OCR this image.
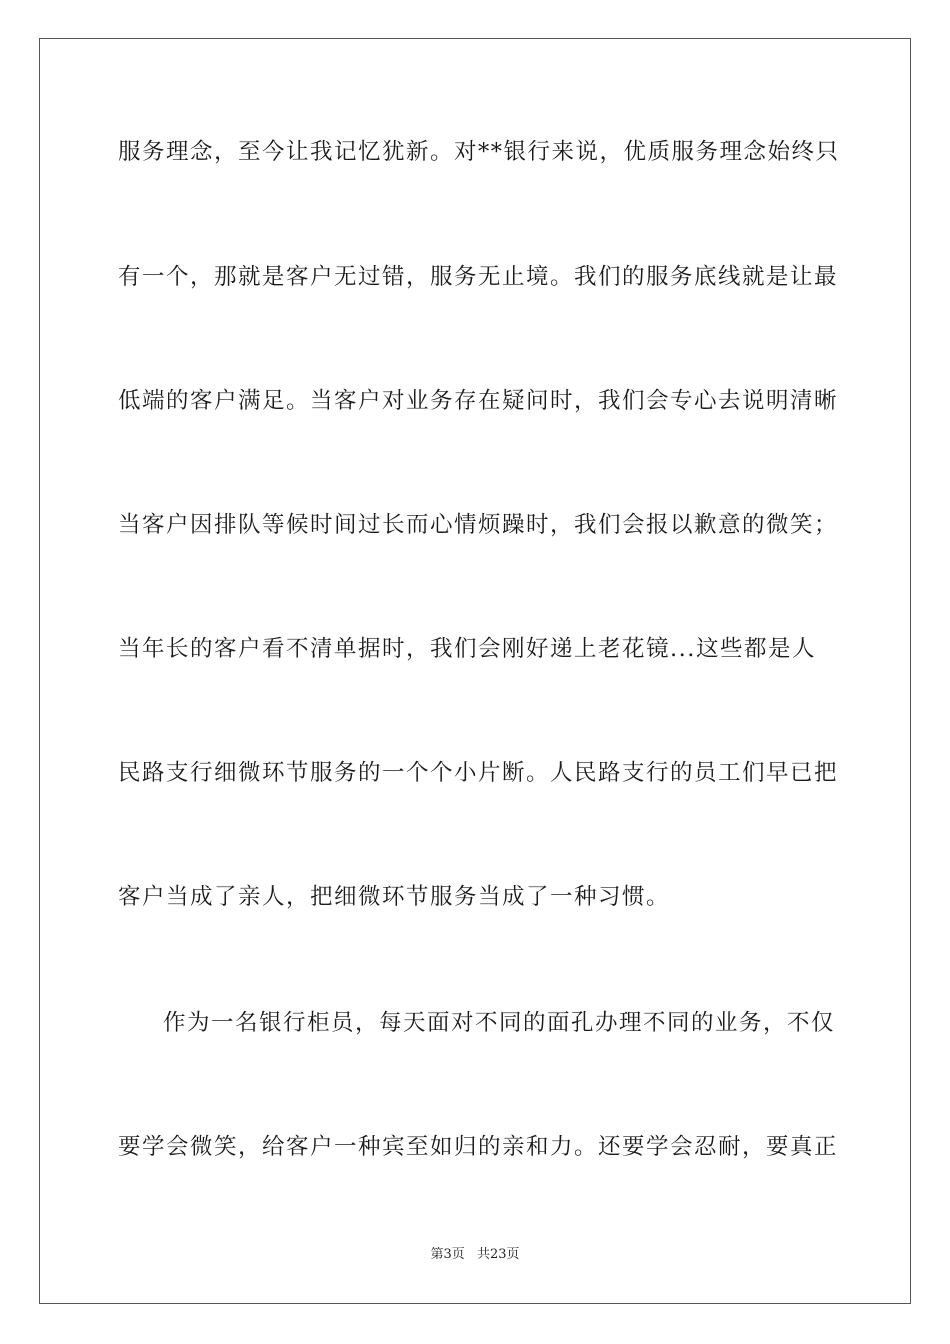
服务理念，至今让我记忆犹新。对**银行来说，优质服务理念始终只
有一个，那就是客户无过错，服务无止境。我们的服务底线就是让最
低端的客户满足。当客户对业务存在疑问时，我们会专心去说明清晰
当客户因排队等候时间过长而心情烦躁时，我们会报以歉意的微笑；
当年长的客户看不清单据时，我们会刚好递上老花镜...这些都是人
民路支行细微环节服务的一个个小片断。人民路支行的员工们早已把
客户当成了亲人，把细微环节服务当成了一种习惯。
作为一名银行柜员，每天面对不同的面孔办理不同的业务，不仅
要学会微笑，给客户一种宾至如归的亲和力。还要学会忍耐，要真正
第3页 共23页
